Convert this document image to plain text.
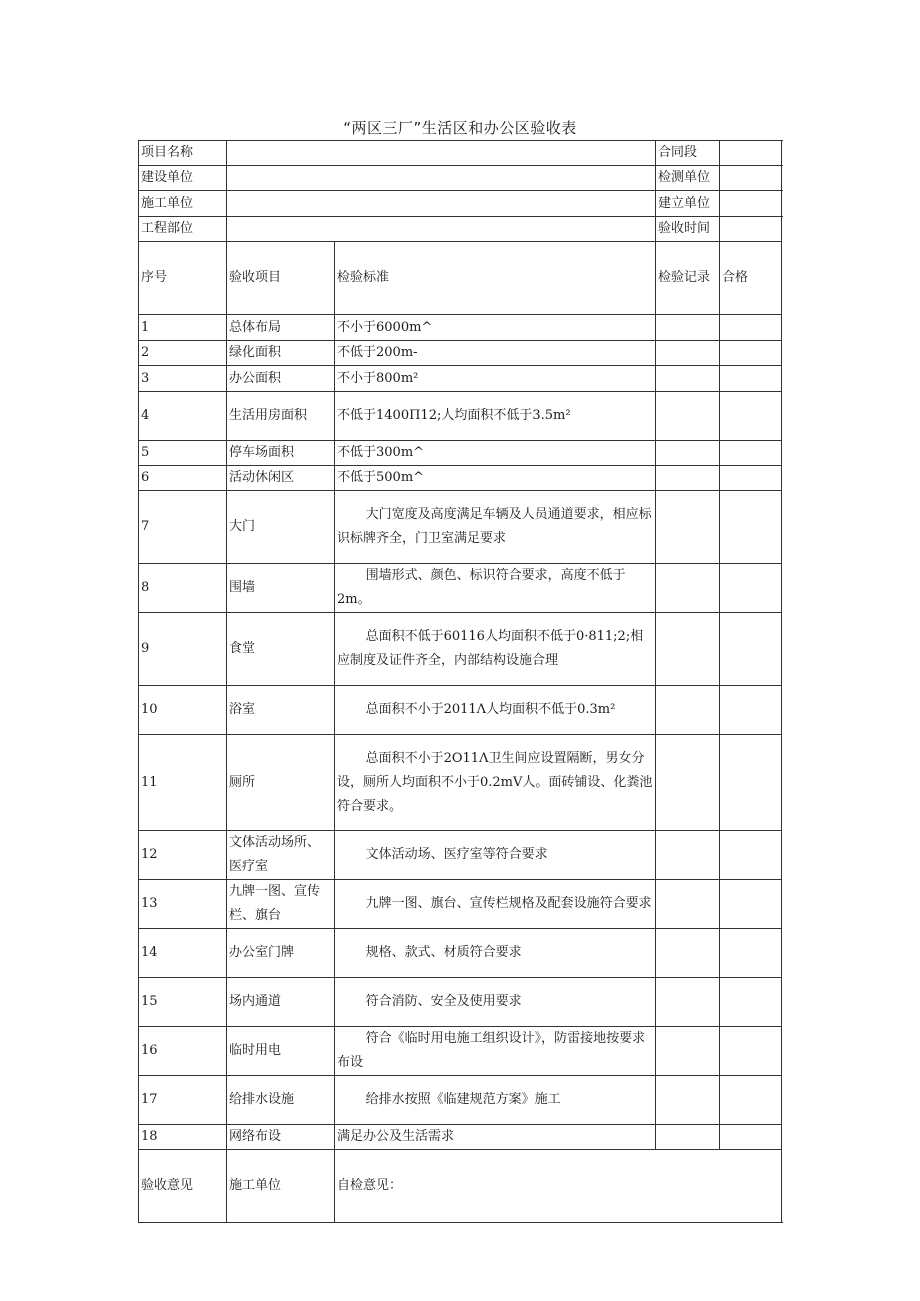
“两区三厂”生活区和办公区验收表
项目名称			合同段		
建设单位			检测单位		
施工单位			建立单位		
工程部位			验收时间		
序号	验收项目	检验标准	检验记录	合格	
1	总体布局	不小于6000m^			
2	绿化面积	不低于200m-			
3	办公面积	不小于800m²			
4	生活用房面积	不低于1400Π12;人均面积不低于3.5m²			
5	停车场面积	不低于300m^			
6	活动休闲区	不低于500m^			
7	大门	大门宽度及高度满足车辆及人员通道要求，相应标识标牌齐全，门卫室满足要求			
8	围墙	围墙形式、颜色、标识符合要求，高度不低于2m。			
9	食堂	总面积不低于60116人均面积不低于0·811;2;相应制度及证件齐全，内部结构设施合理			
10	浴室	总面积不小于2011Λ人均面积不低于0.3m²			
11	厕所	总面积不小于2O11Λ卫生间应设置隔断，男女分设，厕所人均面积不小于0.2mV人。面砖铺设、化粪池符合要求。			
12	文体活动场所、医疗室	文体活动场、医疗室等符合要求			
13	九牌一图、宣传栏、旗台	九牌一图、旗台、宣传栏规格及配套设施符合要求			
14	办公室门牌	规格、款式、材质符合要求			
15	场内通道	符合消防、安全及使用要求			
16	临时用电	符合《临时用电施工组织设计》，防雷接地按要求布设			
17	给排水设施	给排水按照《临建规范方案》施工			
18	网络布设	满足办公及生活需求			
验收意见	施工单位	自检意见：			
